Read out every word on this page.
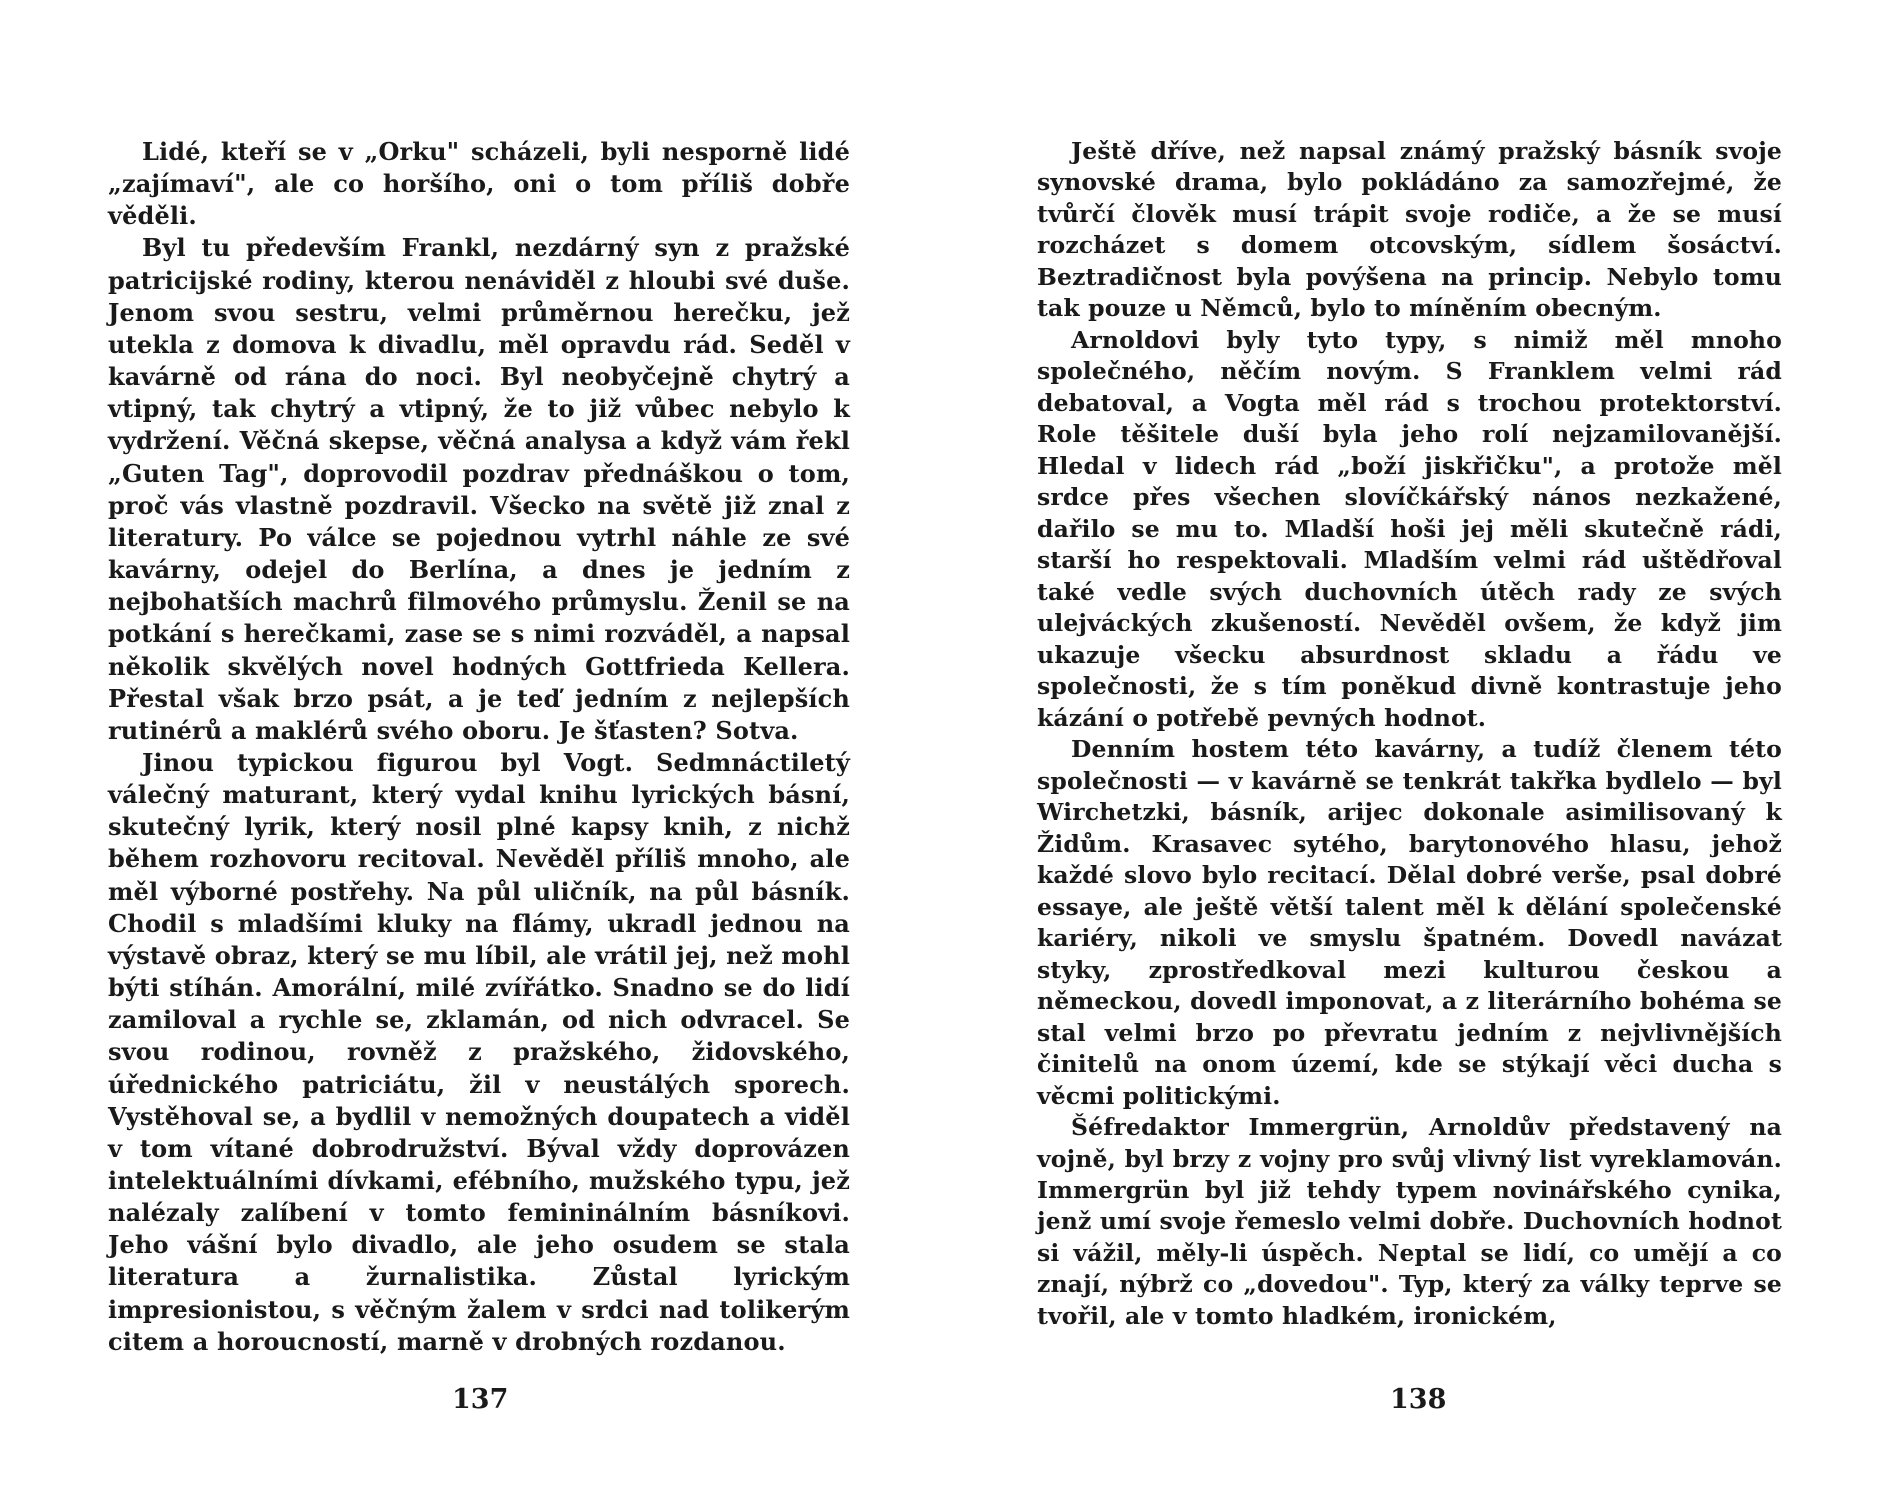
Lidé, kteří se v „Orku" scházeli, byli nesporně lidé „zajímaví", ale co horšího, oni o tom příliš dobře věděli.

Byl tu především Frankl, nezdárný syn z pražské patricijské rodiny, kterou nenáviděl z hloubi své duše. Jenom svou sestru, velmi průměrnou herečku, jež utekla z domova k divadlu, měl opravdu rád. Seděl v kavárně od rána do noci. Byl neobyčejně chytrý a vtipný, tak chytrý a vtipný, že to již vůbec nebylo k vydržení. Věčná skepse, věčná analysa a když vám řekl „Guten Tag", doprovodil pozdrav přednáškou o tom, proč vás vlastně pozdravil. Všecko na světě již znal z literatury. Po válce se pojednou vytrhl náhle ze své kavárny, odejel do Berlína, a dnes je jedním z nejbohatších machrů filmového průmyslu. Ženil se na potkání s herečkami, zase se s nimi rozváděl, a napsal několik skvělých novel hodných Gottfrieda Kellera. Přestal však brzo psát, a je teď jedním z nejlepších rutinérů a maklérů svého oboru. Je šťasten? Sotva.

Jinou typickou figurou byl Vogt. Sedmnáctiletý válečný maturant, který vydal knihu lyrických básní, skutečný lyrik, který nosil plné kapsy knih, z nichž během rozhovoru recitoval. Nevěděl příliš mnoho, ale měl výborné postřehy. Na půl uličník, na půl básník. Chodil s mladšími kluky na flámy, ukradl jednou na výstavě obraz, který se mu líbil, ale vrátil jej, než mohl býti stíhán. Amorální, milé zvířátko. Snadno se do lidí zamiloval a rychle se, zklamán, od nich odvracel. Se svou rodinou, rovněž z pražského, židovského, úřednického patriciátu, žil v neustálých sporech. Vystěhoval se, a bydlil v nemožných doupatech a viděl v tom vítané dobrodružství. Býval vždy doprovázen intelektuálními dívkami, efébního, mužského typu, jež nalézaly zalíbení v tomto femininálním básníkovi. Jeho vášní bylo divadlo, ale jeho osudem se stala literatura a žurnalistika. Zůstal lyrickým impresionistou, s věčným žalem v srdci nad tolikerým citem a horoucností, marně v drobných rozdanou.

137

Ještě dříve, než napsal známý pražský básník svoje synovské drama, bylo pokládáno za samozřejmé, že tvůrčí člověk musí trápit svoje rodiče, a že se musí rozcházet s domem otcovským, sídlem šosáctví. Beztradičnost byla povýšena na princip. Nebylo tomu tak pouze u Němců, bylo to míněním obecným.

Arnoldovi byly tyto typy, s nimiž měl mnoho společného, něčím novým. S Franklem velmi rád debatoval, a Vogta měl rád s trochou protektorství. Role těšitele duší byla jeho rolí nejzamilovanější. Hledal v lidech rád „boží jiskřičku", a protože měl srdce přes všechen slovíčkářský nános nezkažené, dařilo se mu to. Mladší hoši jej měli skutečně rádi, starší ho respektovali. Mladším velmi rád uštědřoval také vedle svých duchovních útěch rady ze svých ulejváckých zkušeností. Nevěděl ovšem, že když jim ukazuje všecku absurdnost skladu a řádu ve společnosti, že s tím poněkud divně kontrastuje jeho kázání o potřebě pevných hodnot.

Denním hostem této kavárny, a tudíž členem této společnosti — v kavárně se tenkrát takřka bydlelo — byl Wirchetzki, básník, arijec dokonale asimilisovaný k Židům. Krasavec sytého, barytonového hlasu, jehož každé slovo bylo recitací. Dělal dobré verše, psal dobré essaye, ale ještě větší talent měl k dělání společenské kariéry, nikoli ve smyslu špatném. Dovedl navázat styky, zprostředkoval mezi kulturou českou a německou, dovedl imponovat, a z literárního bohéma se stal velmi brzo po převratu jedním z nejvlivnějších činitelů na onom území, kde se stýkají věci ducha s věcmi politickými.

Šéfredaktor Immergrün, Arnoldův představený na vojně, byl brzy z vojny pro svůj vlivný list vyreklamován. Immergrün byl již tehdy typem novinářského cynika, jenž umí svoje řemeslo velmi dobře. Duchovních hodnot si vážil, měly-li úspěch. Neptal se lidí, co umějí a co znají, nýbrž co „dovedou". Typ, který za války teprve se tvořil, ale v tomto hladkém, ironickém,

138
